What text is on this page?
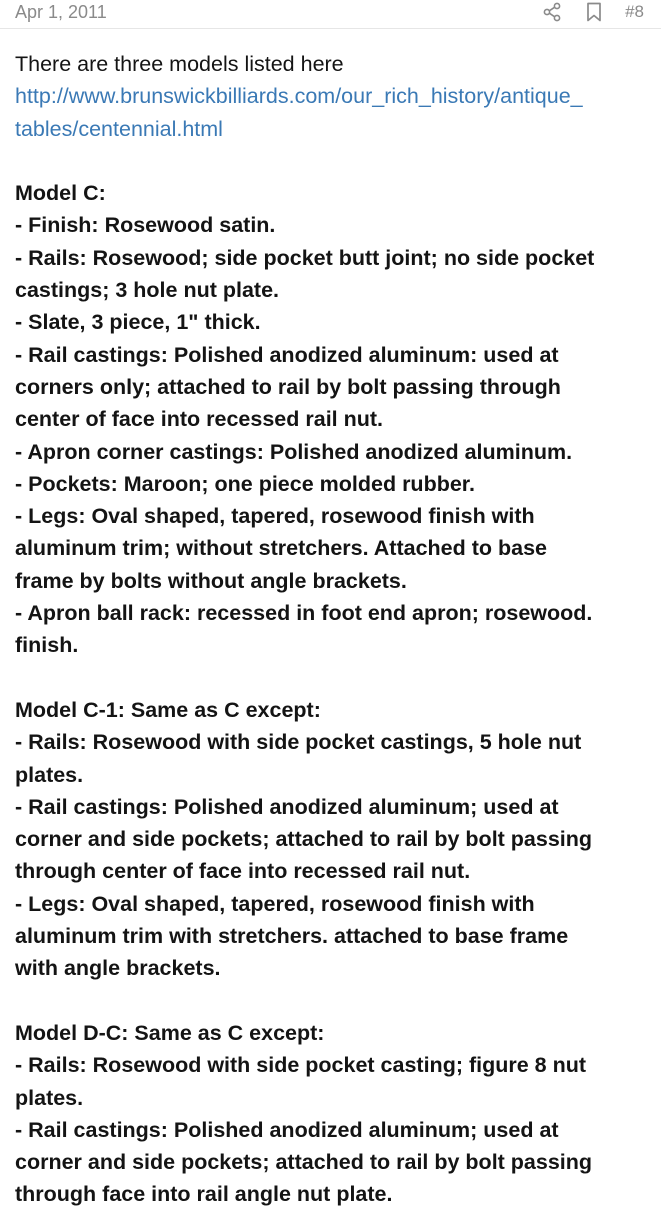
Apr 1, 2011	#8
There are three models listed here
http://www.brunswickbilliards.com/our_rich_history/antique_
tables/centennial.html
Model C:
- Finish: Rosewood satin.
- Rails: Rosewood; side pocket butt joint; no side pocket
castings; 3 hole nut plate.
- Slate, 3 piece, 1" thick.
- Rail castings: Polished anodized aluminum: used at
corners only; attached to rail by bolt passing through
center of face into recessed rail nut.
- Apron corner castings: Polished anodized aluminum.
- Pockets: Maroon; one piece molded rubber.
- Legs: Oval shaped, tapered, rosewood finish with
aluminum trim; without stretchers. Attached to base
frame by bolts without angle brackets.
- Apron ball rack: recessed in foot end apron; rosewood.
finish.
Model C-1: Same as C except:
- Rails: Rosewood with side pocket castings, 5 hole nut
plates.
- Rail castings: Polished anodized aluminum; used at
corner and side pockets; attached to rail by bolt passing
through center of face into recessed rail nut.
- Legs: Oval shaped, tapered, rosewood finish with
aluminum trim with stretchers. attached to base frame
with angle brackets.
Model D-C: Same as C except:
- Rails: Rosewood with side pocket casting; figure 8 nut
plates.
- Rail castings: Polished anodized aluminum; used at
corner and side pockets; attached to rail by bolt passing
through face into rail angle nut plate.
